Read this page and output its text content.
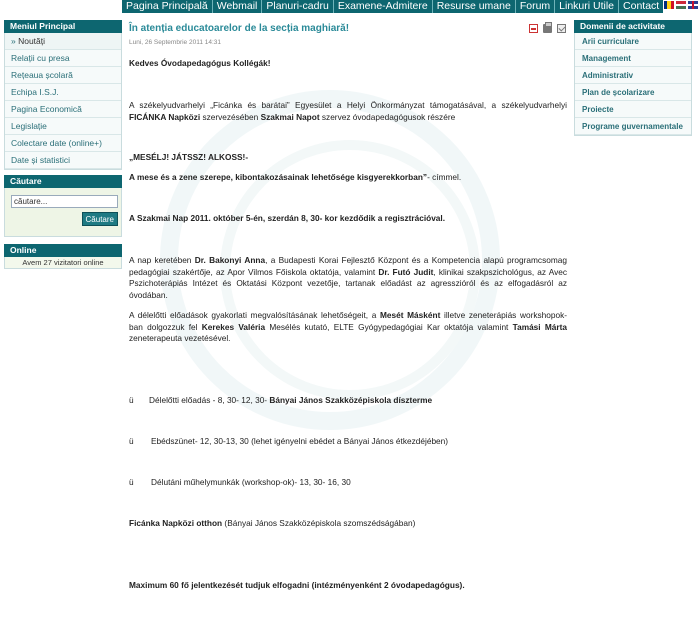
Pagina Principală Webmail Planuri-cadru Examene-Admitere Resurse umane Forum Linkuri Utile Contact
Meniul Principal
» Noutăți
Relații cu presa
Rețeaua școlară
Echipa I.S.J.
Pagina Economică
Legislație
Colectare date (online+)
Date și statistici
Căutare
căutare...
Căutare
Online
Avem 27 vizitatori online
Domenii de activitate
Arii curriculare
Management
Administrativ
Plan de școlarizare
Proiecte
Programe guvernamentale
În atenția educatoarelor de la secția maghiară!
Luni, 26 Septembrie 2011 14:31
Kedves Óvodapedagógus Kollégák!
A székelyudvarhelyi „Ficánka és barátai” Egyesület a Helyi Önkormányzat támogatásával, a székelyudvarhelyi FICÁNKA Napközi szervezésében Szakmai Napot szervez óvodapedagógusok részére
„MESÉLJ! JÁTSSZ! ALKOSS!-
A mese és a zene szerepe, kibontakozásainak lehetősége kisgyerekkorban”- címmel.
A Szakmai Nap 2011. október 5-én, szerdán 8, 30- kor kezdődik a regisztrációval.
A nap keretében Dr. Bakonyi Anna, a Budapesti Korai Fejlesztő Központ és a Kompetencia alapú programcsomag pedagógiai szakértője, az Apor Vilmos Főiskola oktatója, valamint Dr. Futó Judit, klinikai szakpszichológus, az Avec Pszichoterápiás Intézet és Oktatási Központ vezetője, tartanak előadást az agresszióról és az elfogadásról az óvodában.
A délelőtti előadások gyakorlati megvalósításának lehetőségeit, a Mesét Másként illetve zeneterápiás workshopok- ban dolgozzuk fel Kerekes Valéria Mesélés kutató, ELTE Gyógypedagógiai Kar oktatója valamint Tamási Márta zeneterapeuta vezetésével.
ü Délelőtti előadás - 8, 30- 12, 30- Bányai János Szakközépiskola díszterme
ü Ebédszünet- 12, 30-13, 30 (lehet igényelni ebédet a Bányai János étkezdéjében)
ü Délutáni műhelymunkák (workshop-ok)- 13, 30- 16, 30
Ficánka Napközi otthon (Bányai János Szakközépiskola szomszédságában)
Maximum 60 fő jelentkezését tudjuk elfogadni (intézményenként 2 óvodapedagógus).
